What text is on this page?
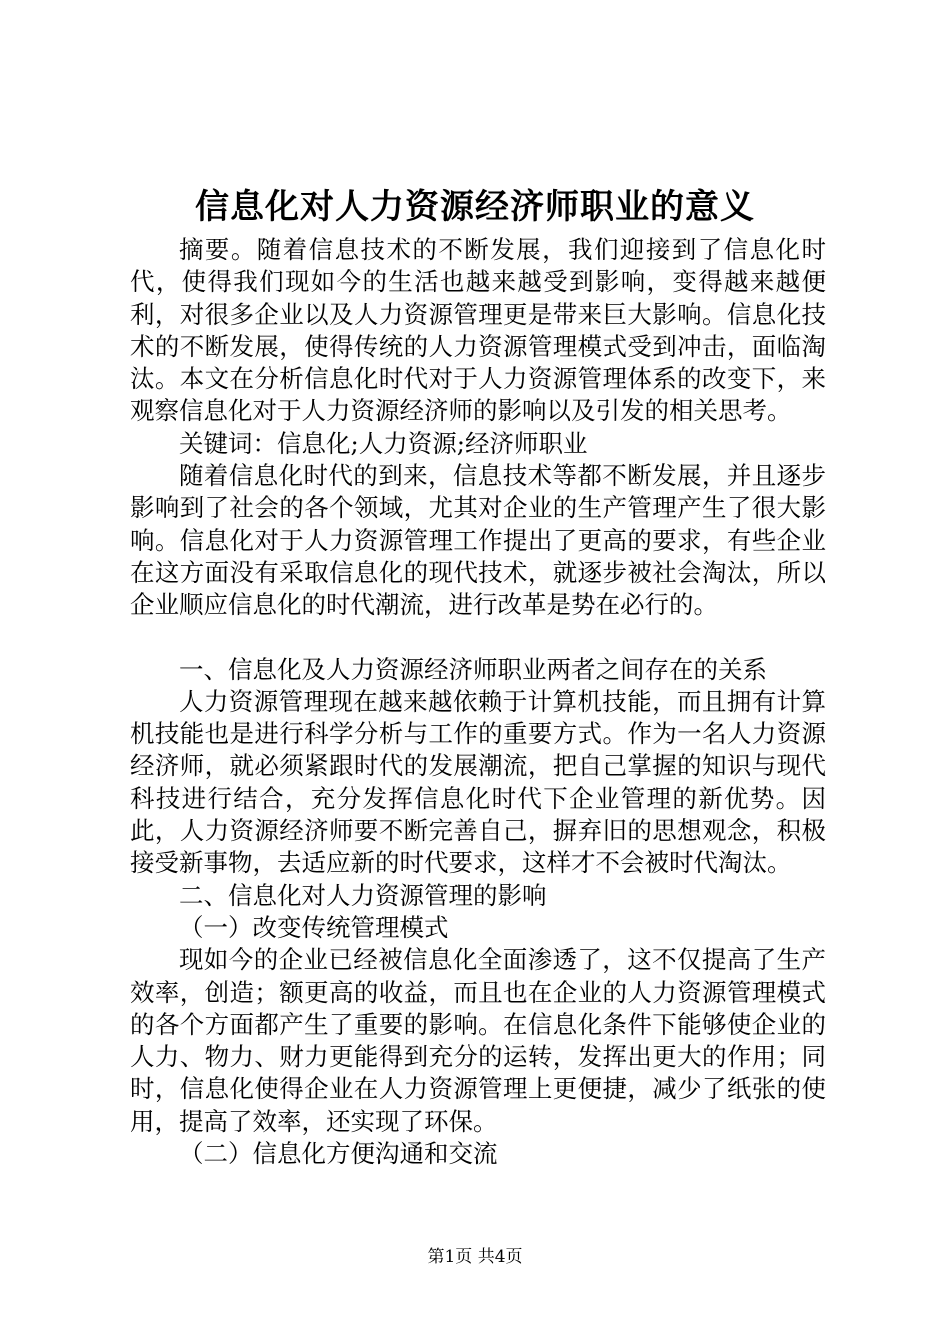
信息化对人力资源经济师职业的意义

摘要。随着信息技术的不断发展，我们迎接到了信息化时代，使得我们现如今的生活也越来越受到影响，变得越来越便利，对很多企业以及人力资源管理更是带来巨大影响。信息化技术的不断发展，使得传统的人力资源管理模式受到冲击，面临淘汰。本文在分析信息化时代对于人力资源管理体系的改变下，来观察信息化对于人力资源经济师的影响以及引发的相关思考。

关键词：信息化;人力资源;经济师职业

随着信息化时代的到来，信息技术等都不断发展，并且逐步影响到了社会的各个领域，尤其对企业的生产管理产生了很大影响。信息化对于人力资源管理工作提出了更高的要求，有些企业在这方面没有采取信息化的现代技术，就逐步被社会淘汰，所以企业顺应信息化的时代潮流，进行改革是势在必行的。

一、信息化及人力资源经济师职业两者之间存在的关系

人力资源管理现在越来越依赖于计算机技能，而且拥有计算机技能也是进行科学分析与工作的重要方式。作为一名人力资源经济师，就必须紧跟时代的发展潮流，把自己掌握的知识与现代科技进行结合，充分发挥信息化时代下企业管理的新优势。因此，人力资源经济师要不断完善自己，摒弃旧的思想观念，积极接受新事物，去适应新的时代要求，这样才不会被时代淘汰。

二、信息化对人力资源管理的影响

（一）改变传统管理模式

现如今的企业已经被信息化全面渗透了，这不仅提高了生产效率，创造；额更高的收益，而且也在企业的人力资源管理模式的各个方面都产生了重要的影响。在信息化条件下能够使企业的人力、物力、财力更能得到充分的运转，发挥出更大的作用；同时，信息化使得企业在人力资源管理上更便捷，减少了纸张的使用，提高了效率，还实现了环保。

（二）信息化方便沟通和交流

第1页 共4页
